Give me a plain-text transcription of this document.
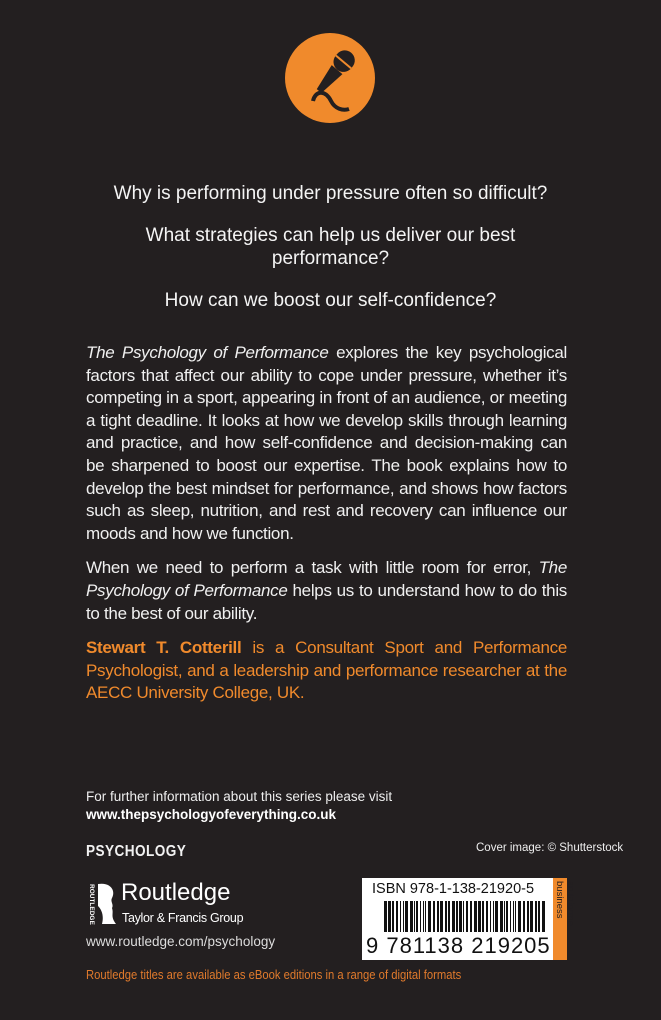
Why is performing under pressure often so difficult?
What strategies can help us deliver our best performance?
How can we boost our self-confidence?
The Psychology of Performance explores the key psychological factors that affect our ability to cope under pressure, whether it’s competing in a sport, appearing in front of an audience, or meeting a tight deadline. It looks at how we develop skills through learning and practice, and how self-confidence and decision-making can be sharpened to boost our expertise. The book explains how to develop the best mindset for performance, and shows how factors such as sleep, nutrition, and rest and recovery can influence our moods and how we function.
When we need to perform a task with little room for error, The Psychology of Performance helps us to understand how to do this to the best of our ability.
Stewart T. Cotterill is a Consultant Sport and Performance Psychologist, and a leadership and performance researcher at the AECC University College, UK.
For further information about this series please visit
www.thepsychologyofeverything.co.uk
PSYCHOLOGY
ROUTLEDGE Routledge
Taylor & Francis Group
www.routledge.com/psychology
Cover image: © Shutterstock
ISBN 978-1-138-21920-5
9 781138 219205
an informa business
Routledge titles are available as eBook editions in a range of digital formats
